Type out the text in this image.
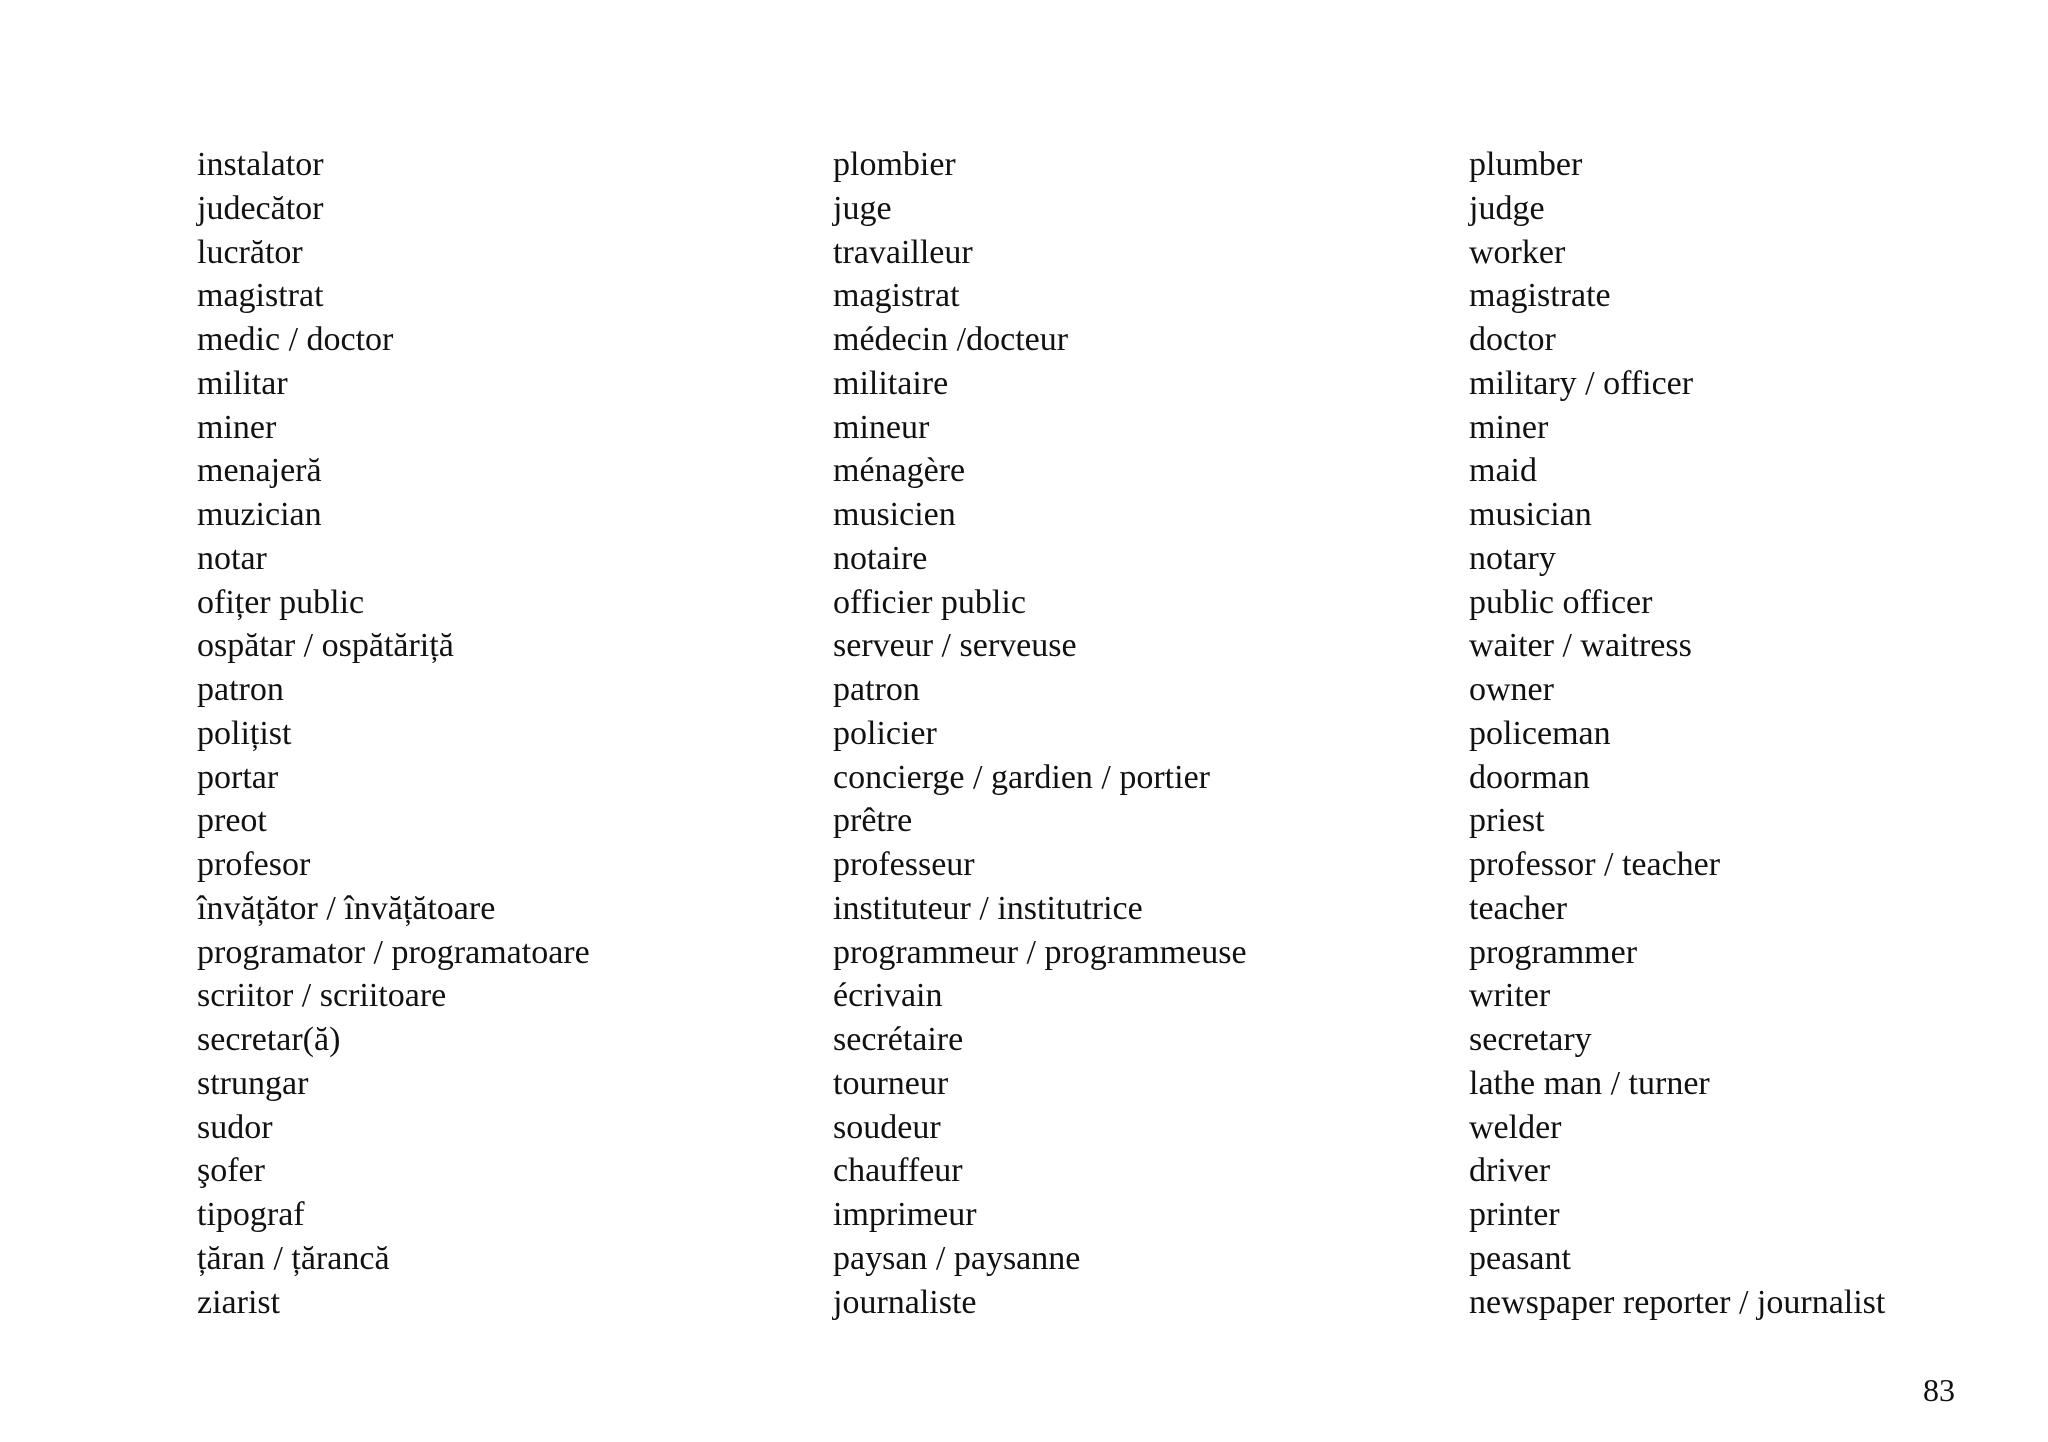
instalator
judecător
lucrător
magistrat
medic / doctor
militar
miner
menajeră
muzician
notar
ofițer public
ospătar / ospătăriță
patron
polițist
portar
preot
profesor
învățător / învățătoare
programator / programatoare
scriitor / scriitoare
secretar(ă)
strungar
sudor
şofer
tipograf
țăran / țărancă
ziarist
plombier
juge
travailleur
magistrat
médecin /docteur
militaire
mineur
ménagère
musicien
notaire
officier public
serveur / serveuse
patron
policier
concierge / gardien / portier
prêtre
professeur
instituteur / institutrice
programmeur / programmeuse
écrivain
secrétaire
tourneur
soudeur
chauffeur
imprimeur
paysan / paysanne
journaliste
plumber
judge
worker
magistrate
doctor
military / officer
miner
maid
musician
notary
public officer
waiter / waitress
owner
policeman
doorman
priest
professor / teacher
teacher
programmer
writer
secretary
lathe man / turner
welder
driver
printer
peasant
newspaper reporter / journalist
83
